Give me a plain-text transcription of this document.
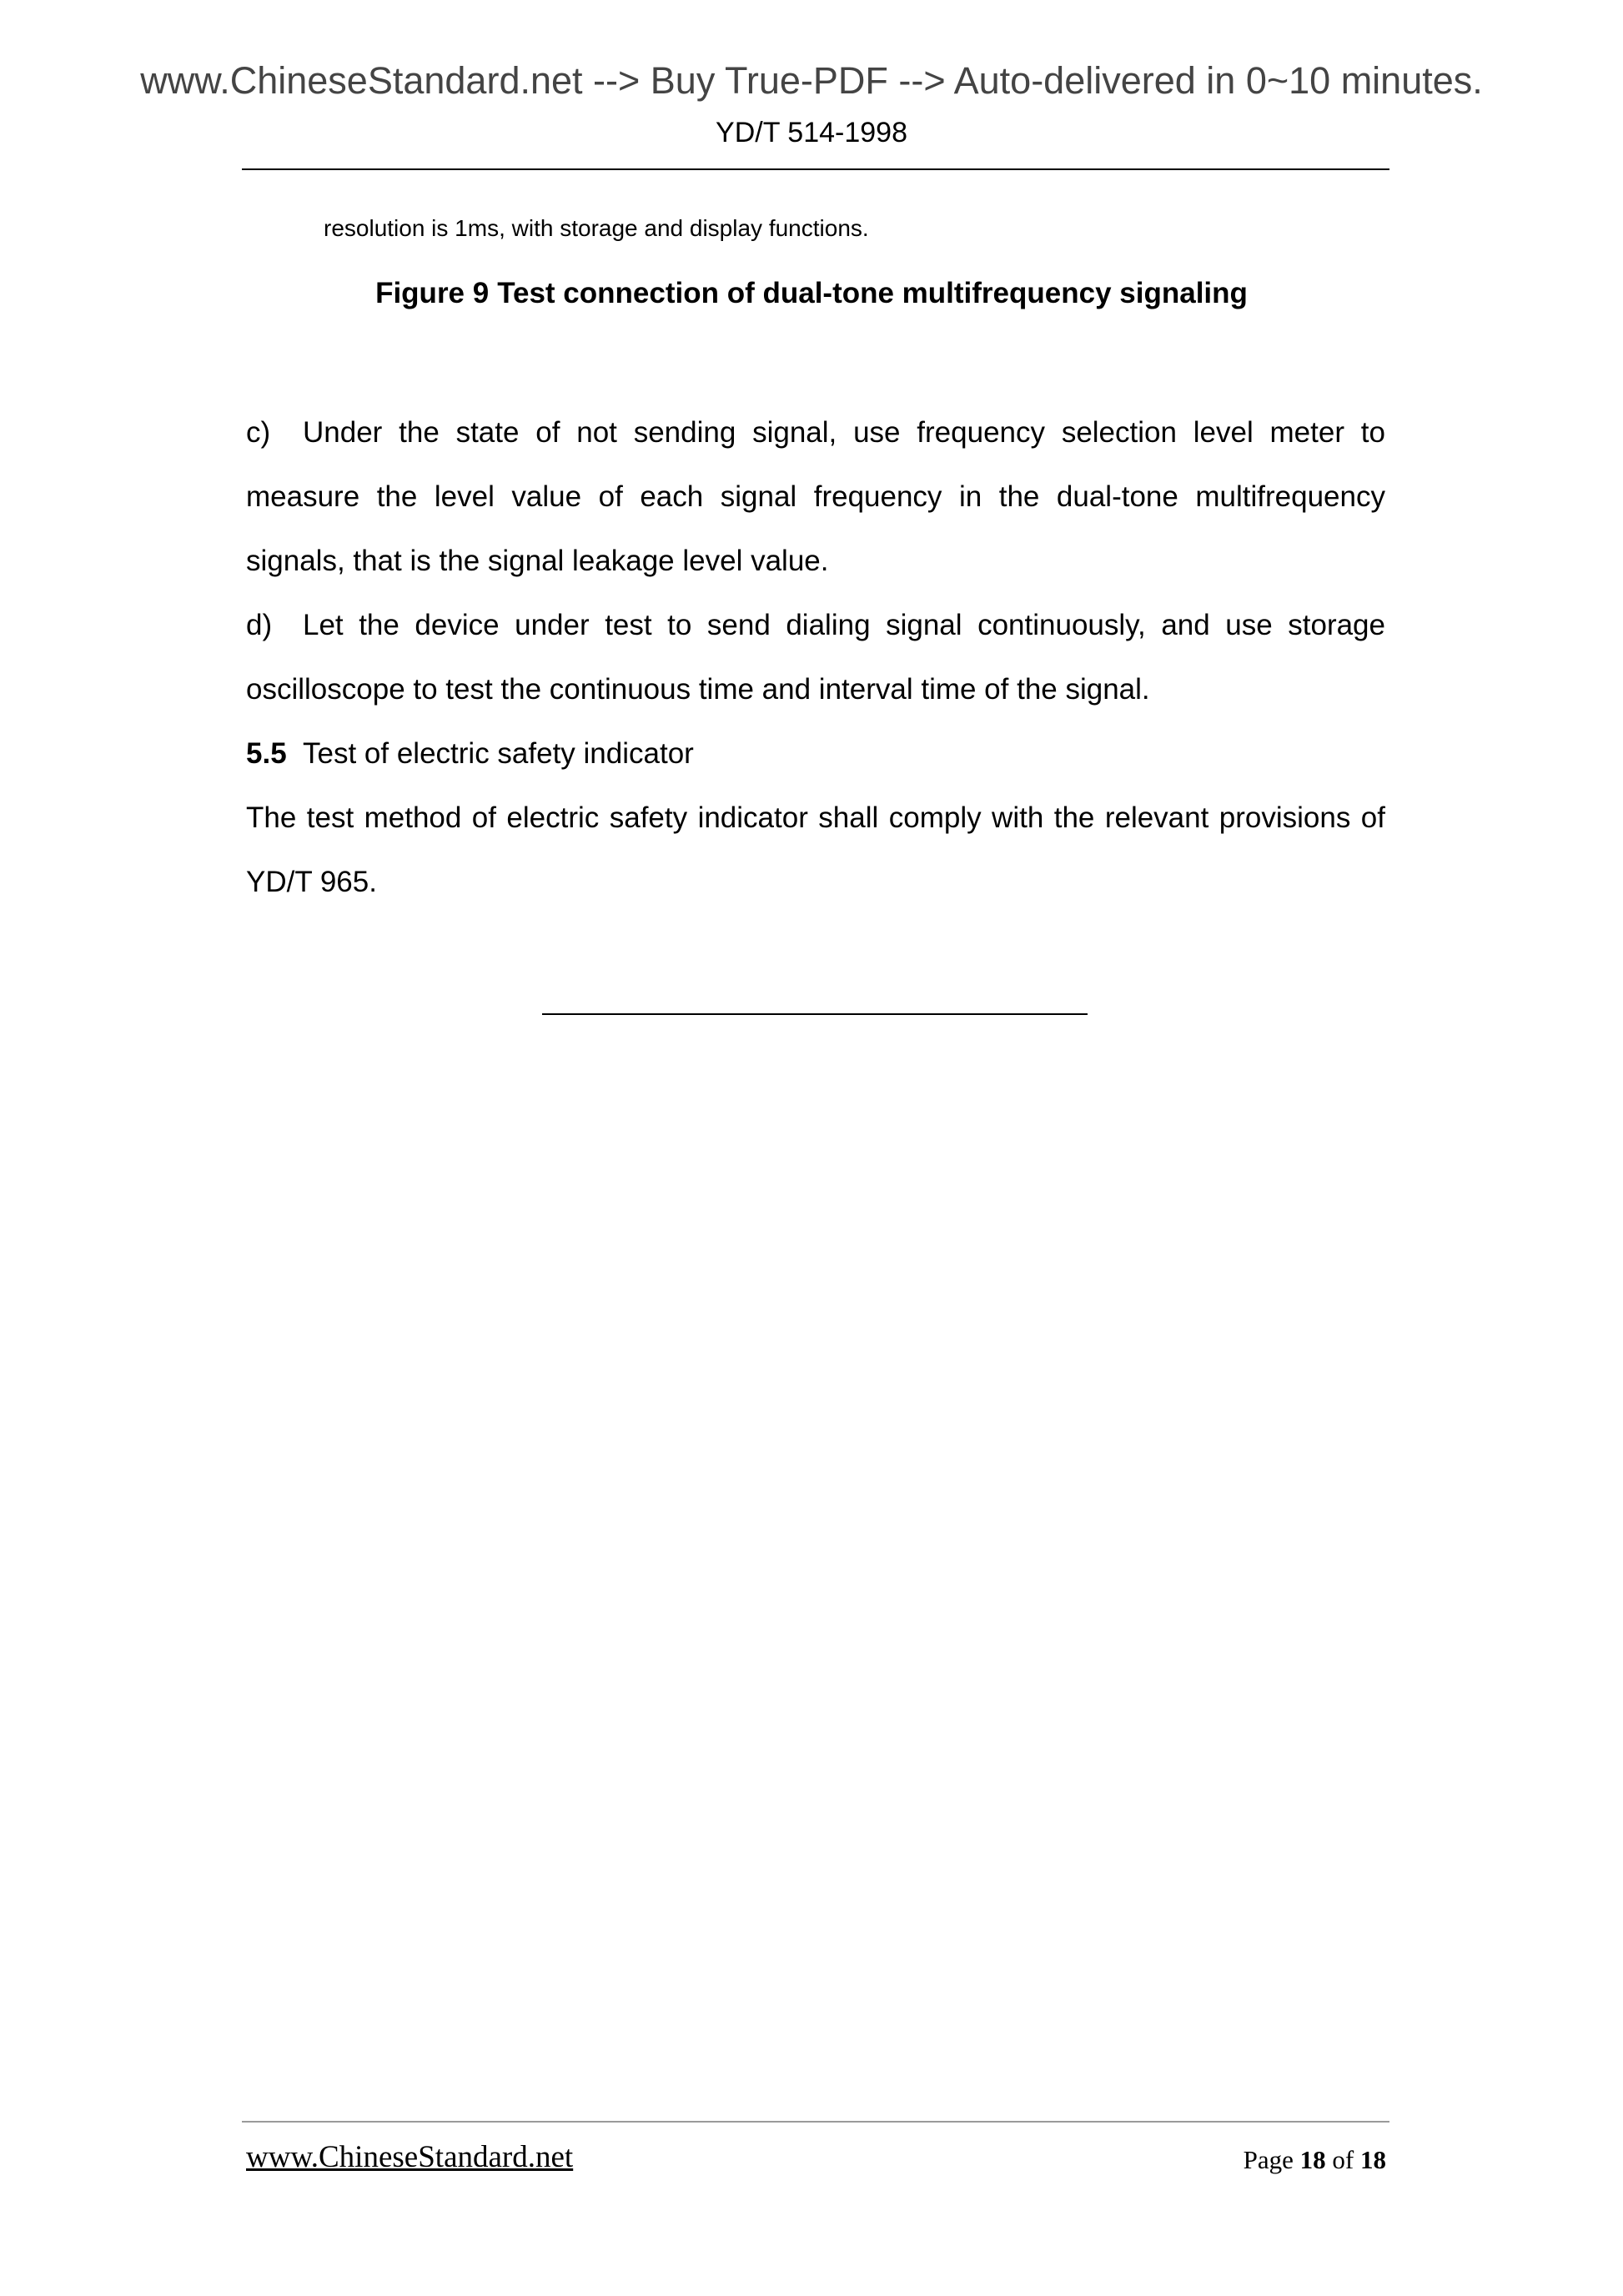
www.ChineseStandard.net --> Buy True-PDF --> Auto-delivered in 0~10 minutes.
YD/T 514-1998
resolution is 1ms, with storage and display functions.
Figure 9 Test connection of dual-tone multifrequency signaling

c) Under the state of not sending signal, use frequency selection level meter to measure the level value of each signal frequency in the dual-tone multifrequency signals, that is the signal leakage level value.

d) Let the device under test to send dialing signal continuously, and use storage oscilloscope to test the continuous time and interval time of the signal.

5.5 Test of electric safety indicator

The test method of electric safety indicator shall comply with the relevant provisions of YD/T 965.

www.ChineseStandard.net	Page 18 of 18
